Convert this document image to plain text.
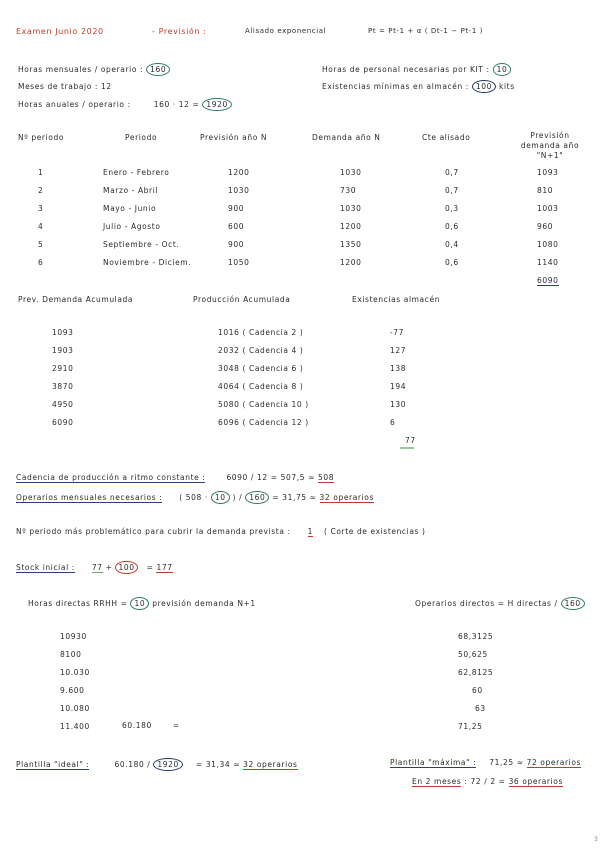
Examen Junio 2020	- Previsión :	Alisado exponencial	Pt = Pt-1 + α ( Dt-1 − Pt-1 )
Horas mensuales / operario : 160
Meses de trabajo : 12
Horas anuales / operario :	160 · 12 = 1920
Horas de personal necesarias por KIT : 10
Existencias mínimas en almacén : 100 kits
Nº periodo	Periodo	Previsión año N	Demanda año N	Cte alisado	Previsión demanda año "N+1"
1	Enero - Febrero	1200	1030	0,7	1093
2	Marzo - Abril	1030	730	0,7	810
3	Mayo - Junio	900	1030	0,3	1003
4	Julio - Agosto	600	1200	0,6	960
5	Septiembre - Oct.	900	1350	0,4	1080
6	Noviembre - Diciem.	1050	1200	0,6	1140
6090
Prev. Demanda Acumulada	Producción Acumulada	Existencias almacén
1093	1016 ( Cadencia 2 )	-77
1903	2032 ( Cadencia 4 )	127
2910	3048 ( Cadencia 6 )	138
3870	4064 ( Cadencia 8 )	194
4950	5080 ( Cadencia 10 )	130
6090	6096 ( Cadencia 12 )	6
77
Cadencia de producción a ritmo constante :	6090 / 12 = 507,5 ≈ 508
Operarios mensuales necesarios : ( 508 · 10 ) / 160 = 31,75 ≈ 32 operarios
Nº periodo más problemático para cubrir la demanda prevista : 1 ( Corte de existencias )
Stock inicial : 77 + 100 = 177
Horas directas RRHH = 10 previsión demanda N+1	Operarios directos = H directas / 160
10930	68,3125
8100	50,625
10.030	62,8125
9.600	60
10.080	63
11.400	71,25
60.180	=
Plantilla "ideal" :	60.180 / 1920 = 31,34 ≈ 32 operarios	Plantilla "máxima" : 71,25 ≈ 72 operarios
En 2 meses : 72 / 2 = 36 operarios
3
